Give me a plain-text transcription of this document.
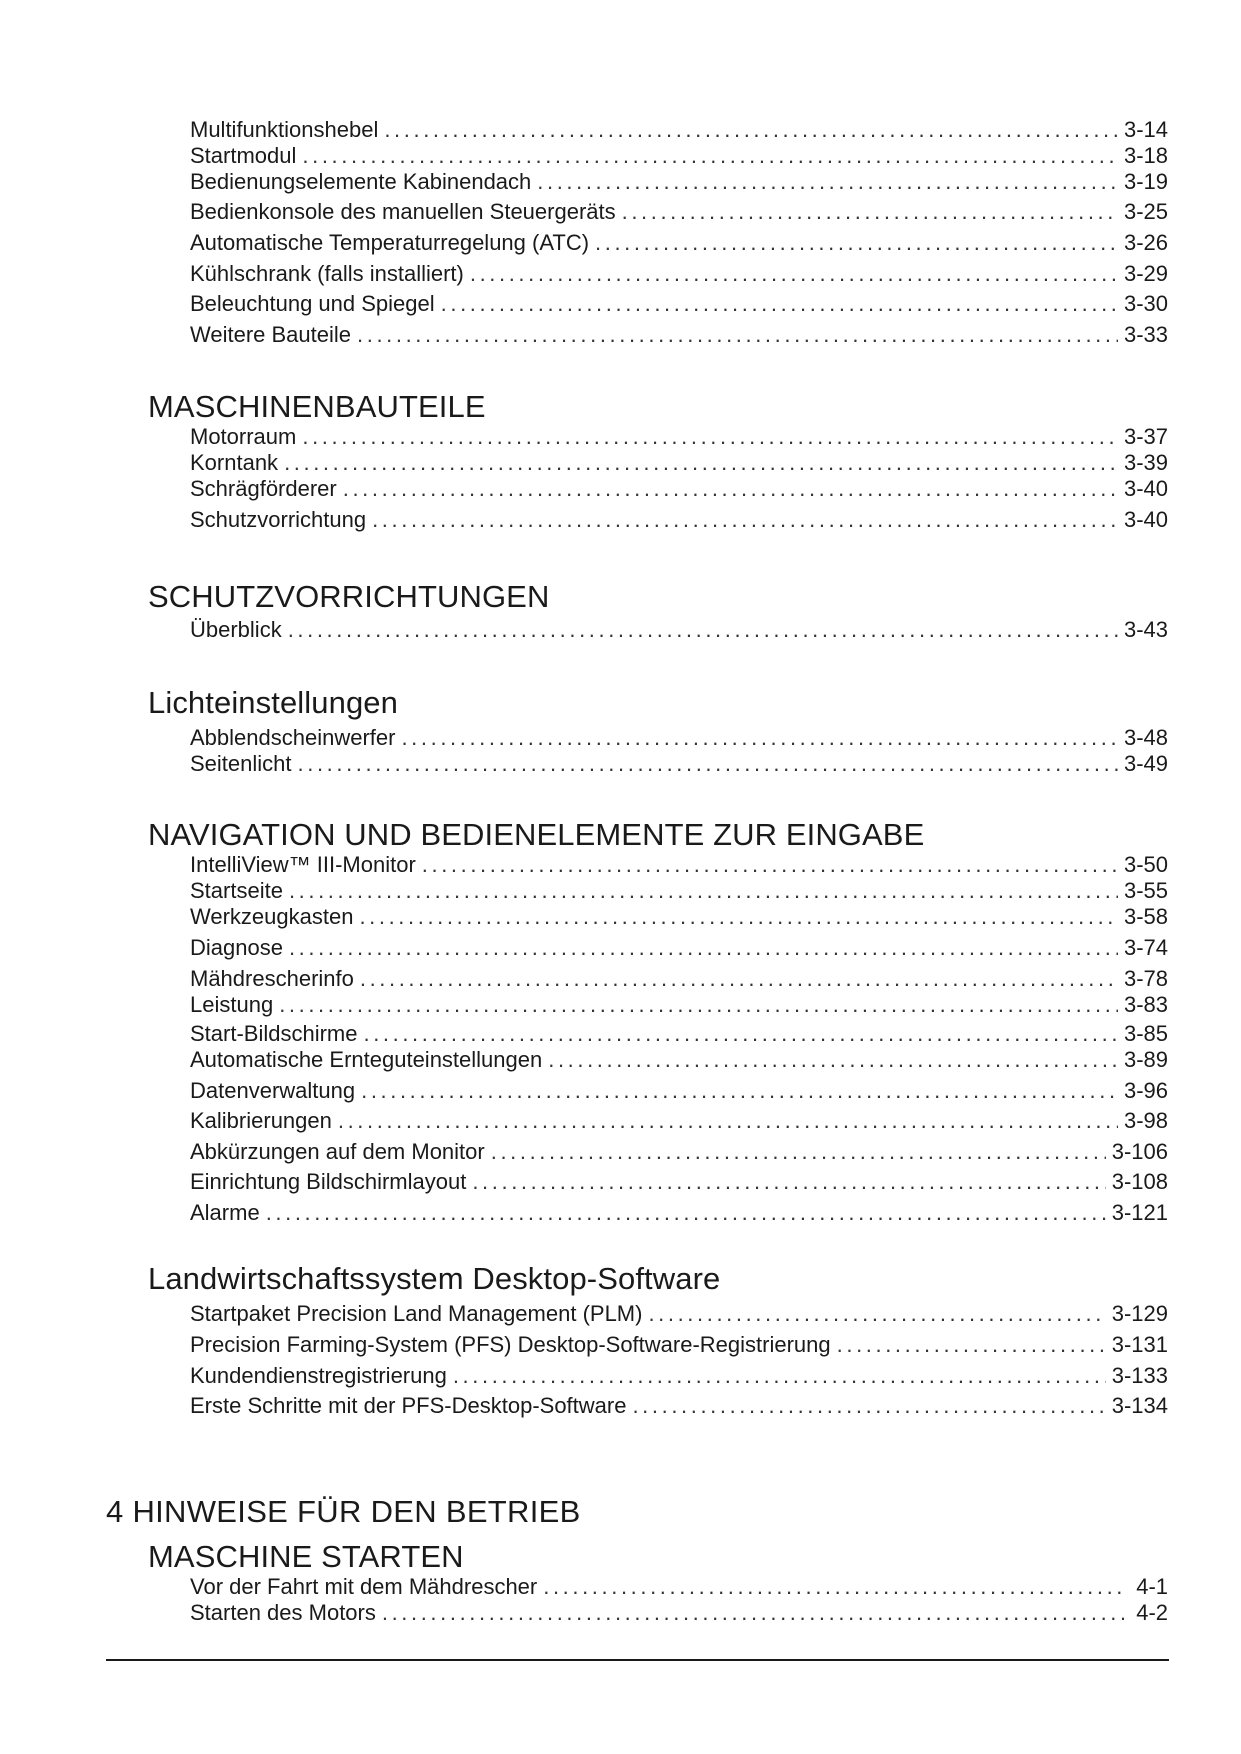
Multifunktionshebel .....	3-14
Startmodul .....	3-18
Bedienungselemente Kabinendach .....	3-19
Bedienkonsole des manuellen Steuergeräts .....	3-25
Automatische Temperaturregelung (ATC) .....	3-26
Kühlschrank (falls installiert) .....	3-29
Beleuchtung und Spiegel .....	3-30
Weitere Bauteile .....	3-33
MASCHINENBAUTEILE
Motorraum .....	3-37
Korntank .....	3-39
Schrägförderer .....	3-40
Schutzvorrichtung .....	3-40
SCHUTZVORRICHTUNGEN
Überblick .....	3-43
Lichteinstellungen
Abblendscheinwerfer .....	3-48
Seitenlicht .....	3-49
NAVIGATION UND BEDIENELEMENTE ZUR EINGABE
IntelliView™ III-Monitor .....	3-50
Startseite .....	3-55
Werkzeugkasten .....	3-58
Diagnose .....	3-74
Mähdrescherinfo .....	3-78
Leistung .....	3-83
Start-Bildschirme .....	3-85
Automatische Ernteguteinstellungen .....	3-89
Datenverwaltung .....	3-96
Kalibrierungen .....	3-98
Abkürzungen auf dem Monitor .....	3-106
Einrichtung Bildschirmlayout .....	3-108
Alarme .....	3-121
Landwirtschaftssystem Desktop-Software
Startpaket Precision Land Management (PLM) .....	3-129
Precision Farming-System (PFS) Desktop-Software-Registrierung .....	3-131
Kundendienstregistrierung .....	3-133
Erste Schritte mit der PFS-Desktop-Software .....	3-134
4 HINWEISE FÜR DEN BETRIEB
MASCHINE STARTEN
Vor der Fahrt mit dem Mähdrescher .....	4-1
Starten des Motors .....	4-2
